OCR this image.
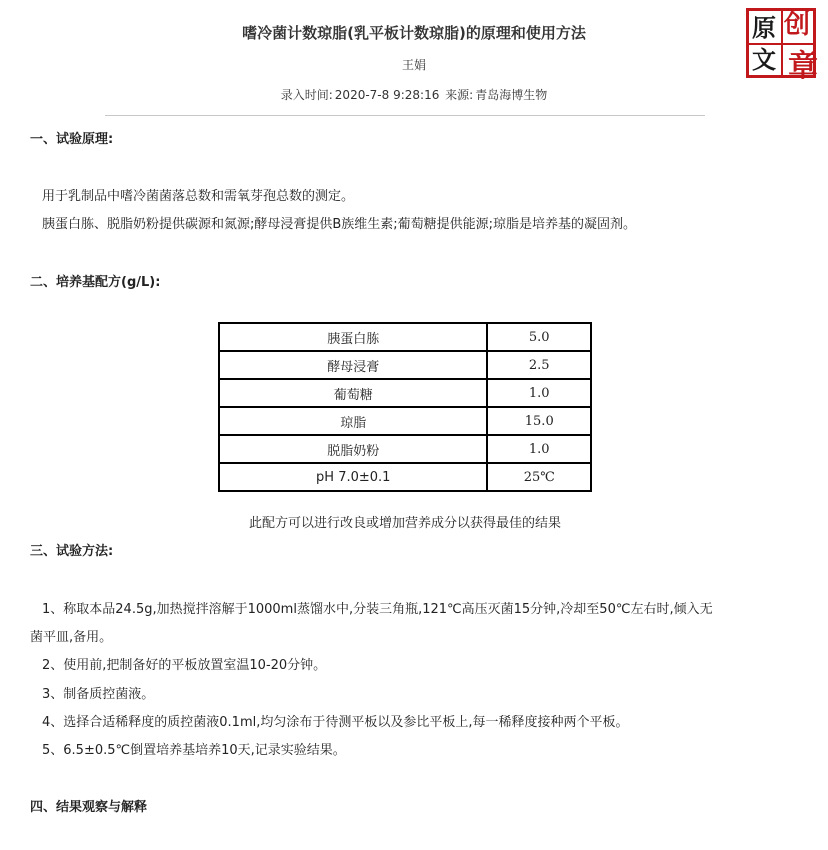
嗜冷菌计数琼脂(乳平板计数琼脂)的原理和使用方法
王娟
录入时间: 2020-7-8 9:28:16 来源: 青岛海博生物
原 创
文 章
一、试验原理:
用于乳制品中嗜冷菌菌落总数和需氧芽孢总数的测定。
胰蛋白胨、脱脂奶粉提供碳源和氮源;酵母浸膏提供B族维生素;葡萄糖提供能源;琼脂是培养基的凝固剂。
二、培养基配方(g/L):
胰蛋白胨	5.0
酵母浸膏	2.5
葡萄糖	1.0
琼脂	15.0
脱脂奶粉	1.0
pH 7.0±0.1	25℃
此配方可以进行改良或增加营养成分以获得最佳的结果
三、试验方法:
1、称取本品24.5g,加热搅拌溶解于1000ml蒸馏水中,分装三角瓶,121℃高压灭菌15分钟,冷却至50℃左右时,倾入无
菌平皿,备用。
2、使用前,把制备好的平板放置室温10-20分钟。
3、制备质控菌液。
4、选择合适稀释度的质控菌液0.1ml,均匀涂布于待测平板以及参比平板上,每一稀释度接种两个平板。
5、6.5±0.5℃倒置培养基培养10天,记录实验结果。
四、结果观察与解释
